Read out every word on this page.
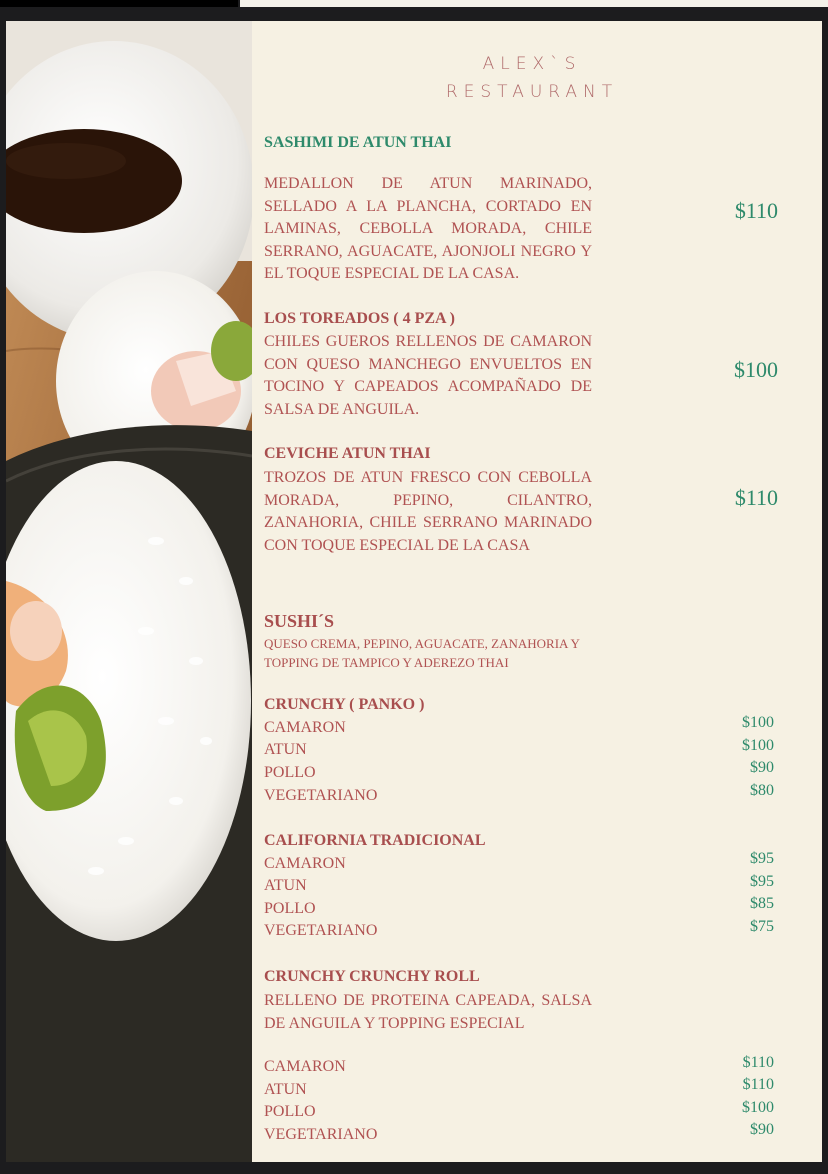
ALEX`S
RESTAURANT
SASHIMI DE ATUN THAI
MEDALLON DE ATUN MARINADO, SELLADO A LA PLANCHA, CORTADO EN LAMINAS, CEBOLLA MORADA, CHILE SERRANO, AGUACATE, AJONJOLI NEGRO Y EL TOQUE ESPECIAL DE LA CASA.
$110
LOS TOREADOS ( 4 PZA )
CHILES GUEROS RELLENOS DE CAMARON CON QUESO MANCHEGO ENVUELTOS EN TOCINO Y CAPEADOS ACOMPAÑADO DE SALSA DE ANGUILA.
$100
CEVICHE ATUN THAI
TROZOS DE ATUN FRESCO CON CEBOLLA MORADA, PEPINO, CILANTRO, ZANAHORIA, CHILE SERRANO MARINADO CON TOQUE ESPECIAL DE LA CASA
$110
SUSHI´S
QUESO CREMA, PEPINO, AGUACATE, ZANAHORIA Y TOPPING DE TAMPICO Y ADEREZO THAI
CRUNCHY ( PANKO )
CAMARON	$100
ATUN	$100
POLLO	$90
VEGETARIANO	$80
CALIFORNIA TRADICIONAL
CAMARON	$95
ATUN	$95
POLLO	$85
VEGETARIANO	$75
CRUNCHY CRUNCHY ROLL
RELLENO DE PROTEINA CAPEADA, SALSA DE ANGUILA Y TOPPING ESPECIAL
CAMARON	$110
ATUN	$110
POLLO	$100
VEGETARIANO	$90
